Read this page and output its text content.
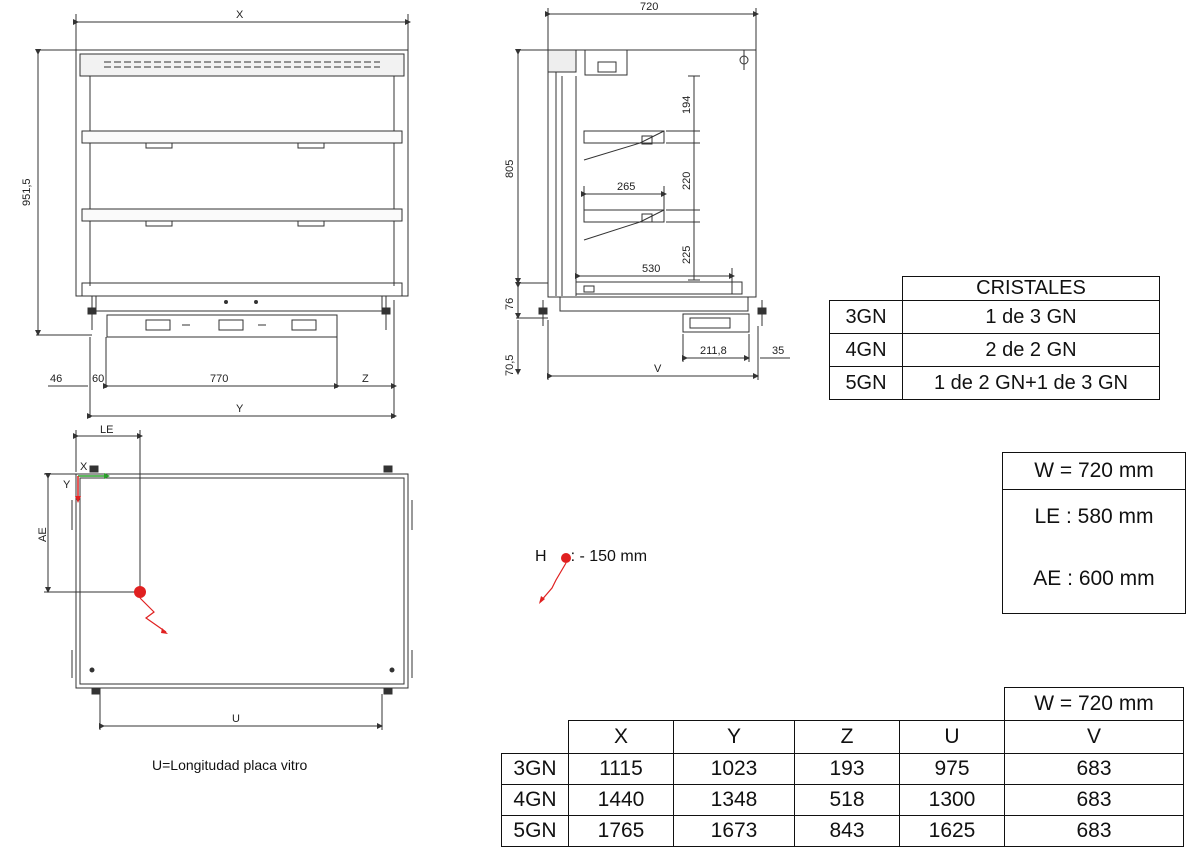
X
951,5
46	60	770	Z
Y
720
805
76
70,5
194
220
225
265
530
211,8	35
V
X
Y
LE
AE
U
U=Longitudad placa vitro
H : - 150 mm
	CRISTALES
3GN	1 de 3 GN
4GN	2 de 2 GN
5GN	1 de 2 GN+1 de 3 GN
W = 720 mm
LE : 580 mm
AE : 600 mm
					W = 720 mm
	X	Y	Z	U	V
3GN	1115	1023	193	975	683
4GN	1440	1348	518	1300	683
5GN	1765	1673	843	1625	683
